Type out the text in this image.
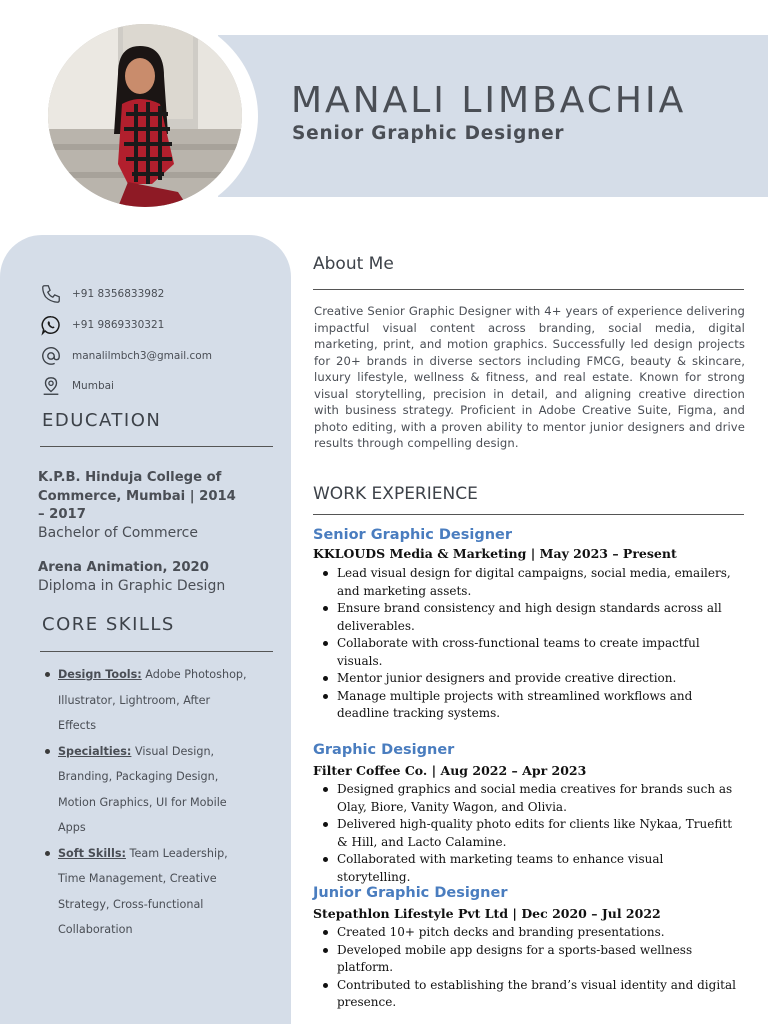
MANALI LIMBACHIA
Senior Graphic Designer
+91 8356833982
+91 9869330321
manalilmbch3@gmail.com
Mumbai
EDUCATION

K.P.B. Hinduja College of Commerce, Mumbai | 2014 – 2017

Bachelor of Commerce

Arena Animation, 2020

Diploma in Graphic Design

CORE SKILLS
Design Tools: Adobe Photoshop, Illustrator, Lightroom, After Effects
Specialties: Visual Design, Branding, Packaging Design, Motion Graphics, UI for Mobile Apps
Soft Skills: Team Leadership, Time Management, Creative Strategy, Cross-functional Collaboration
About Me

Creative Senior Graphic Designer with 4+ years of experience delivering impactful visual content across branding, social media, digital marketing, print, and motion graphics. Successfully led design projects for 20+ brands in diverse sectors including FMCG, beauty & skincare, luxury lifestyle, wellness & fitness, and real estate. Known for strong visual storytelling, precision in detail, and aligning creative direction with business strategy. Proficient in Adobe Creative Suite, Figma, and photo editing, with a proven ability to mentor junior designers and drive results through compelling design.

WORK EXPERIENCE

Senior Graphic Designer

KKLOUDS Media & Marketing | May 2023 – Present

Lead visual design for digital campaigns, social media, emailers, and marketing assets.
Ensure brand consistency and high design standards across all deliverables.
Collaborate with cross-functional teams to create impactful visuals.
Mentor junior designers and provide creative direction.
Manage multiple projects with streamlined workflows and deadline tracking systems.

Graphic Designer

Filter Coffee Co. | Aug 2022 – Apr 2023

Designed graphics and social media creatives for brands such as Olay, Biore, Vanity Wagon, and Olivia.
Delivered high-quality photo edits for clients like Nykaa, Truefitt & Hill, and Lacto Calamine.
Collaborated with marketing teams to enhance visual storytelling.

Junior Graphic Designer

Stepathlon Lifestyle Pvt Ltd | Dec 2020 – Jul 2022

Created 10+ pitch decks and branding presentations.
Developed mobile app designs for a sports-based wellness platform.
Contributed to establishing the brand’s visual identity and digital presence.
